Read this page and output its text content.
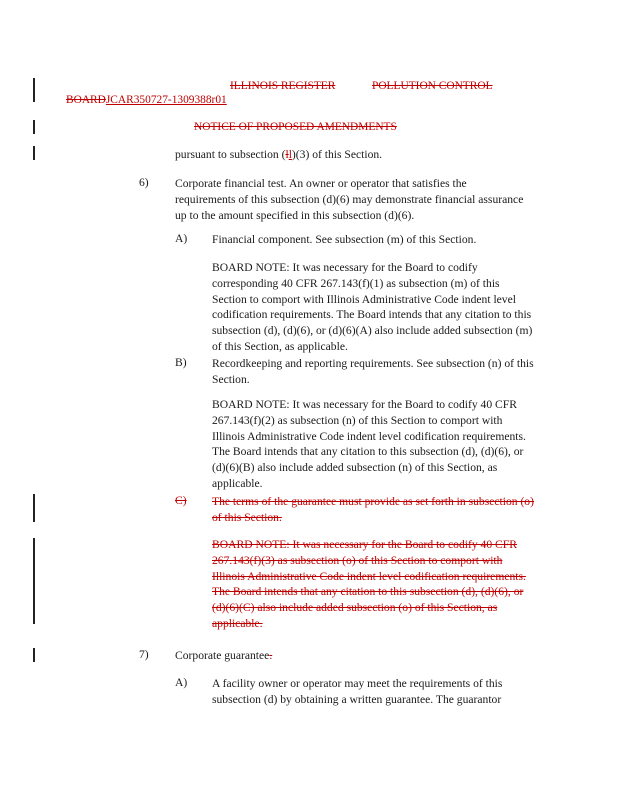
ILLINOIS REGISTER	POLLUTION CONTROL
BOARDJCAR350727-1309388r01
NOTICE OF PROPOSED AMENDMENTS
pursuant to subsection (ll)(3) of this Section.
6) Corporate financial test. An owner or operator that satisfies the requirements of this subsection (d)(6) may demonstrate financial assurance up to the amount specified in this subsection (d)(6).
A) Financial component. See subsection (m) of this Section.
BOARD NOTE: It was necessary for the Board to codify corresponding 40 CFR 267.143(f)(1) as subsection (m) of this Section to comport with Illinois Administrative Code indent level codification requirements. The Board intends that any citation to this subsection (d), (d)(6), or (d)(6)(A) also include added subsection (m) of this Section, as applicable.
B) Recordkeeping and reporting requirements. See subsection (n) of this Section.
BOARD NOTE: It was necessary for the Board to codify 40 CFR 267.143(f)(2) as subsection (n) of this Section to comport with Illinois Administrative Code indent level codification requirements. The Board intends that any citation to this subsection (d), (d)(6), or (d)(6)(B) also include added subsection (n) of this Section, as applicable.
C) The terms of the guarantee must provide as set forth in subsection (o) of this Section.
BOARD NOTE: It was necessary for the Board to codify 40 CFR 267.143(f)(3) as subsection (o) of this Section to comport with Illinois Administrative Code indent level codification requirements. The Board intends that any citation to this subsection (d), (d)(6), or (d)(6)(C) also include added subsection (o) of this Section, as applicable.
7) Corporate guarantee.
A) A facility owner or operator may meet the requirements of this subsection (d) by obtaining a written guarantee. The guarantor
